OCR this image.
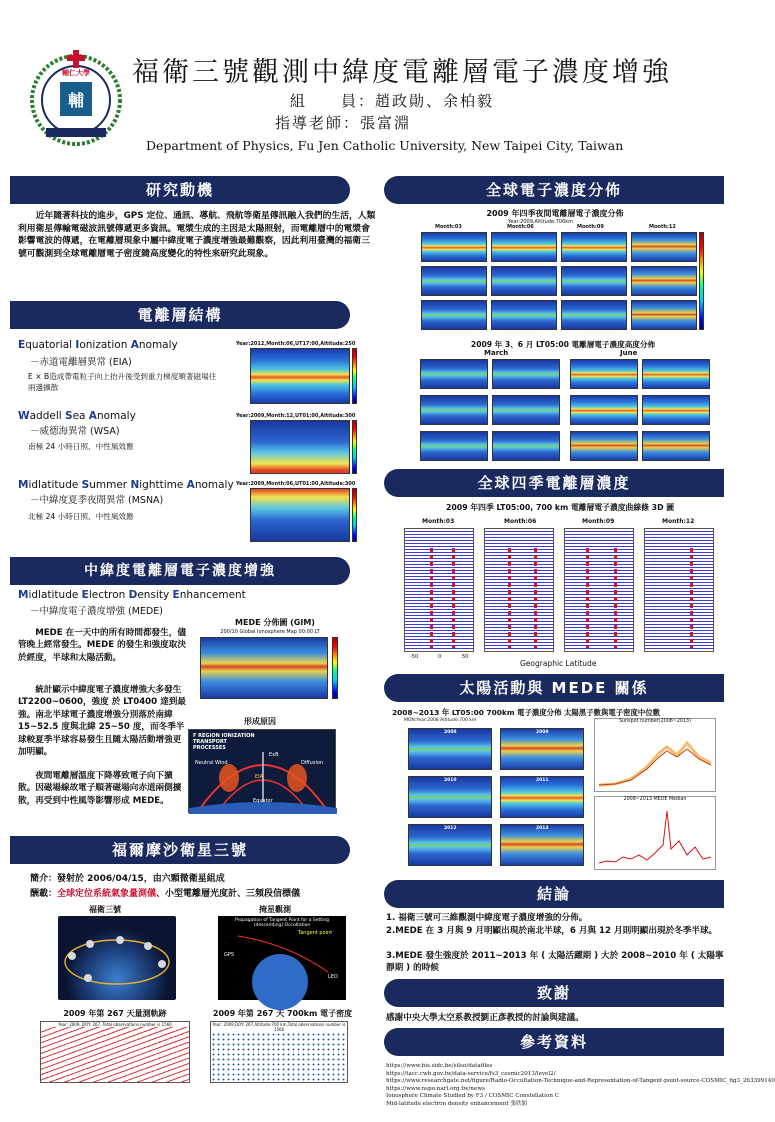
輔
輔仁大學	福衛三號觀測中緯度電離層電子濃度增強
組　　員：趙政勛、余柏毅
指導老師：張富淵
Department of Physics, Fu Jen Catholic University, New Taipei City, Taiwan
研究動機

　　近年隨著科技的進步，GPS 定位、通訊、導航、飛航等衛星傳訊融入我們的生活，人類利用衛星傳輸電磁波訊號傳遞更多資訊。電漿生成的主因是太陽照射，而電離層中的電漿會影響電波的傳遞，在電離層現象中屬中緯度電子濃度增強最難觀察，因此利用臺灣的福衛三號可觀測到全球電離層電子密度隨高度變化的特性來研究此現象。

電離層結構
Equatorial Ionization Anomaly
－赤道電離層異常 (EIA)
E × B造成帶電粒子向上抬升後受到重力梯度順著磁場往兩邊擴散
Year:2012,Month:06,UT17:00,Altitude:250
Waddell Sea Anomaly
－威德海異常 (WSA)
南極 24 小時日照、中性風效應
Year:2009,Month:12,UT01:00,Altitude:300
Midlatitude Summer Nighttime Anomaly
－中緯度夏季夜間異常 (MSNA)
北極 24 小時日照、中性風效應
Year:2009,Month:06,UT01:00,Altitude:300
中緯度電離層電子濃度增強
Midlatitude Electron Density Enhancement
－中緯度電子濃度增強 (MEDE)

　　MEDE 在一天中的所有時間都發生，儘管晚上經常發生。MEDE 的發生和強度取決於經度，半球和太陽活動。

　　統計顯示中緯度電子濃度增強大多發生 LT2200~0600，強度 於 LT0400 達到最強。南北半球電子濃度增強分別落於南緯 15~52.5 度與北緯 25~50 度，而冬季半球較夏季半球容易發生且隨太陽活動增強更加明顯。

　　夜間電離層溫度下降導致電子向下擴散。因磁場線故電子順著磁場向赤道兩側擴散，再受到中性風等影響形成 MEDE。

MEDE 分佈圖 (GIM)
200/10 Global Ionosphere Map 00:00 LT
形成原因
F REGION IONIZATION TRANSPORT PROCESSES
ExB
Neutral Wind	Diffusion
EIA
Equator
福爾摩沙衛星三號
簡介：發射於 2006/04/15，由六顆微衛星組成
酬載：全球定位系統氣象量測儀、小型電離層光度計、三頻段信標儀
福衛三號	掩星觀測
Propagation of Tangent Point for a Setting (descending) Occultation
GPS
LEO
Tangent point
2009 年第 267 天量測軌跡
Year: 2009, DOY: 267, Total observations number is 1566
2009 年第 267 天 700km 電子密度
Year: 2009,DOY: 267,Altitude:700 km,Total observations number is 1566
全球電子濃度分佈
2009 年四季夜間電離層電子濃度分佈
Year:2009,Altitude:700km
Month:03	Month:06	Month:09	Month:12
2009 年 3、6 月 LT05:00 電離層電子濃度高度分佈
March	June
全球四季電離層濃度
2009 年四季 LT05:00, 700 km 電離層電子濃度曲線條 3D 圖
Month:03	Month:06	Month:09	Month:12
-50	0	50
Geographic Latitude
太陽活動與 MEDE 關係
2008~2013 年 LT05:00 700km 電子濃度分佈 太陽黑子數與電子密度中位數
MON:Year:2008 Altitude:700 km
2008	2009
2010	2011
2012	2013
Sunspot number(2008~2013)
2008~2013 MEDE Median
結論
1. 福衛三號可三維觀測中緯度電子濃度增強的分佈。
2.MEDE 在 3 月與 9 月明顯出現於南北半球，6 月與 12 月則明顯出現於冬季半球。
3.MEDE 發生強度於 2011~2013 年 ( 太陽活躍期 ) 大於 2008~2010 年 ( 太陽寧靜期 ) 的時候
致謝
感謝中央大學太空系教授劉正彥教授的討論與建議。
參考資料
https://www.bis.sidc.be/silso/datafiles
https://tacc.cwb.gov.tw/data-service/fs3_cosmic2013/level2/
https://www.researchgate.net/figure/Radio-Occultation-Technique-and-Representation-of-Tangent-point-source-COSMIC_fig3_263399140
https://www.nspo.narl.org.tw/news
Ionosphere Climate Studied by F3 / COSMIC Constellation C
Mid-latitude electron density enhancement 張欣穎
